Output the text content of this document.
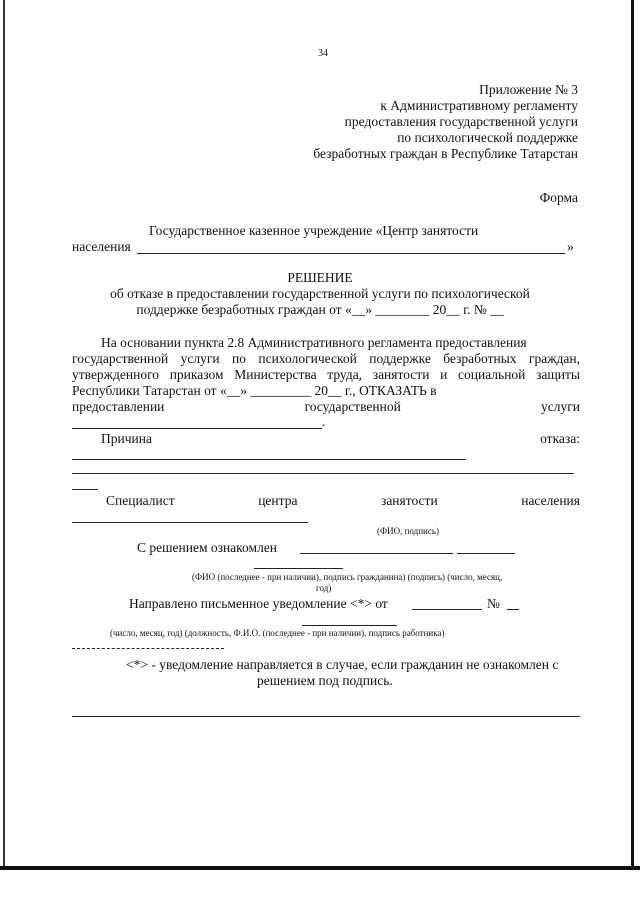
34
Приложение № 3
к Административному регламенту
предоставления государственной услуги
по психологической поддержке
безработных граждан в Республике Татарстан
Форма
Государственное казенное учреждение «Центр занятости
населения	»
РЕШЕНИЕ
об отказе в предоставлении государственной услуги по психологической
поддержке безработных граждан от «__» ________ 20__ г. № __
На основании пункта 2.8 Административного регламента предоставления
государственной услуги по психологической поддержке безработных граждан,
утвержденного приказом Министерства труда, занятости и социальной защиты
Республики Татарстан от «__» _________ 20__ г., ОТКАЗАТЬ в
предоставлении	государственной	услуги
.
Причина	отказа:
Специалист	центра	занятости	населения
(ФИО, подпись)
С решением ознакомлен
(ФИО (последнее - при наличии), подпись гражданина) (подпись) (число, месяц,
год)
Направлено письменное уведомление <*> от	№
(число, месяц, год) (должность, Ф.И.О. (последнее - при наличии), подпись работника)
<*> - уведомление направляется в случае, если гражданин не ознакомлен с
решением под подпись.
